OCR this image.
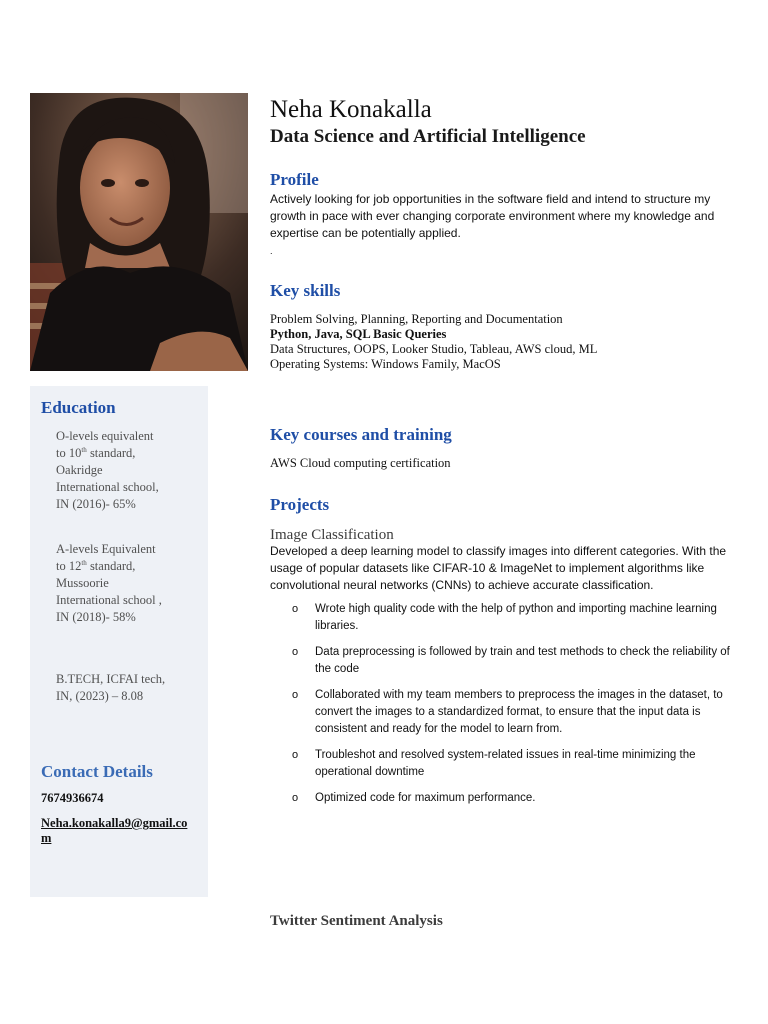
Education

O-levels equivalent to 10th standard, Oakridge International school, IN (2016)- 65%

A-levels Equivalent to 12th standard, Mussoorie International school , IN (2018)- 58%

B.TECH, ICFAI tech, IN, (2023) – 8.08

Contact Details

7674936674

Neha.konakalla9@gmail.com

Neha Konakalla
Data Science and Artificial Intelligence
Profile

Actively looking for job opportunities in the software field and intend to structure my growth in pace with ever changing corporate environment where my knowledge and expertise can be potentially applied.

.

Key skills

Problem Solving, Planning, Reporting and Documentation

Python, Java, SQL Basic Queries

Data Structures, OOPS, Looker Studio, Tableau, AWS cloud, ML

Operating Systems: Windows Family, MacOS

Key courses and training

AWS Cloud computing certification

Projects

Image Classification

Developed a deep learning model to classify images into different categories. With the usage of popular datasets like CIFAR-10 & ImageNet to implement algorithms like convolutional neural networks (CNNs) to achieve accurate classification.

o Wrote high quality code with the help of python and importing machine learning libraries.
o Data preprocessing is followed by train and test methods to check the reliability of the code
o Collaborated with my team members to preprocess the images in the dataset, to convert the images to a standardized format, to ensure that the input data is consistent and ready for the model to learn from.
o Troubleshot and resolved system-related issues in real-time minimizing the operational downtime
o Optimized code for maximum performance.

Twitter Sentiment Analysis
